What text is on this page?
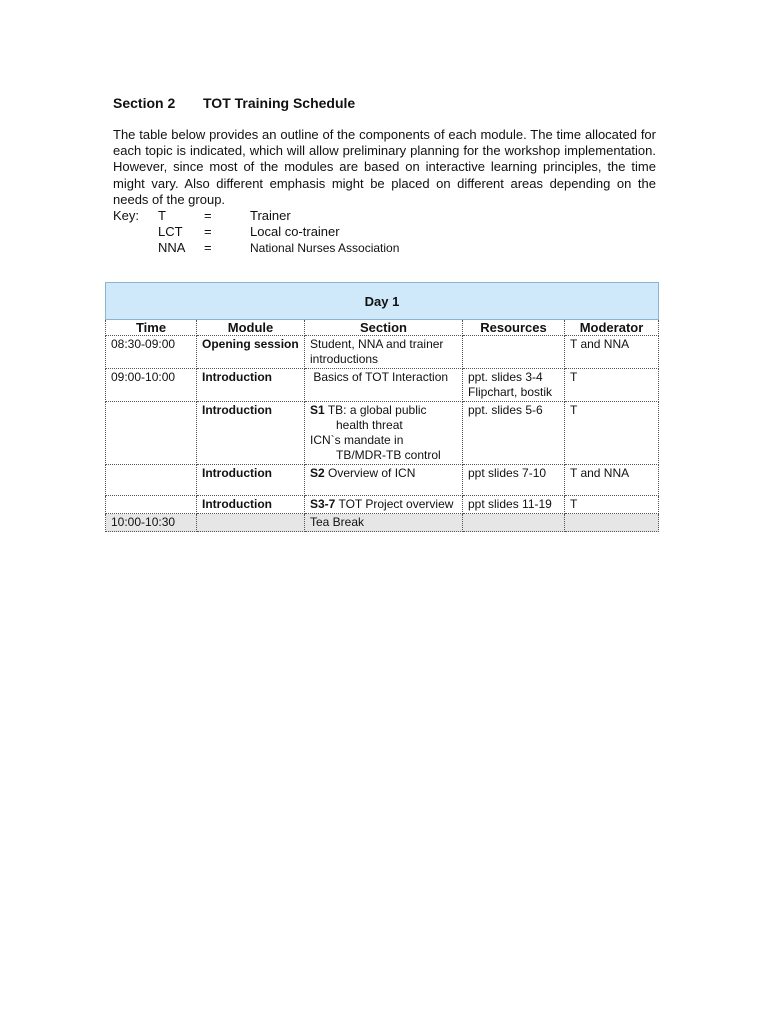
Section 2	TOT Training Schedule

The table below provides an outline of the components of each module. The time allocated for each topic is indicated, which will allow preliminary planning for the workshop implementation. However, since most of the modules are based on interactive learning principles, the time might vary. Also different emphasis might be placed on different areas depending on the needs of the group.

Key:	T	=	Trainer
LCT	=	Local co-trainer
NNA	=	National Nurses Association
Day 1				
Time	Module	Section	Resources	Moderator
08:30-09:00	Opening session	Student, NNA and trainer introductions		T and NNA
09:00-10:00	Introduction	Basics of TOT Interaction	ppt. slides 3-4
Flipchart, bostik	T
	Introduction	S1 TB: a global public
health threat
ICN`s mandate in
TB/MDR-TB control	ppt. slides 5-6	T
	Introduction	S2 Overview of ICN	ppt slides 7-10	T and NNA
	Introduction	S3-7 TOT Project overview	ppt slides 11-19	T
10:00-10:30		Tea Break		
